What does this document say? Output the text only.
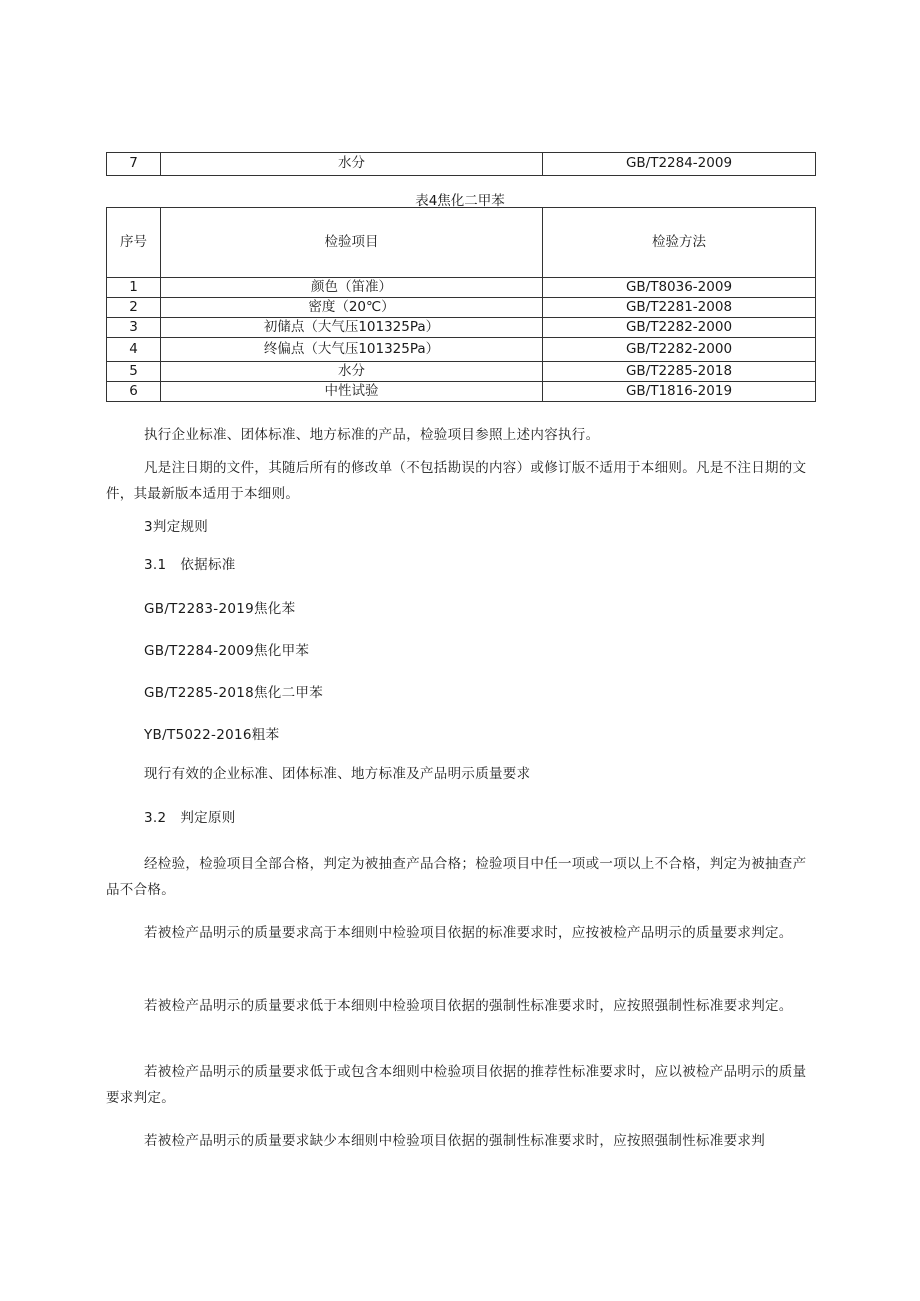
7	水分	GB/T2284-2009
表4焦化二甲苯
序号	检验项目	检验方法
1	颜色（笛准）	GB/T8036-2009
2	密度（20℃）	GB/T2281-2008
3	初储点（大气压101325Pa）	GB/T2282-2000
4	终偏点（大气压101325Pa）	GB/T2282-2000
5	水分	GB/T2285-2018
6	中性试验	GB/T1816-2019

执行企业标准、团体标准、地方标准的产品，检验项目参照上述内容执行。

凡是注日期的文件，其随后所有的修改单（不包括勘误的内容）或修订版不适用于本细则。凡是不注日期的文件，其最新版本适用于本细则。

3判定规则

3.1 依据标准

GB/T2283-2019焦化苯

GB/T2284-2009焦化甲苯

GB/T2285-2018焦化二甲苯

YB/T5022-2016粗苯

现行有效的企业标准、团体标准、地方标准及产品明示质量要求

3.2 判定原则

经检验，检验项目全部合格，判定为被抽查产品合格；检验项目中任一项或一项以上不合格，判定为被抽查产品不合格。

若被检产品明示的质量要求高于本细则中检验项目依据的标准要求时，应按被检产品明示的质量要求判定。

若被检产品明示的质量要求低于本细则中检验项目依据的强制性标准要求时，应按照强制性标准要求判定。

若被检产品明示的质量要求低于或包含本细则中检验项目依据的推荐性标准要求时，应以被检产品明示的质量要求判定。

若被检产品明示的质量要求缺少本细则中检验项目依据的强制性标准要求时，应按照强制性标准要求判
